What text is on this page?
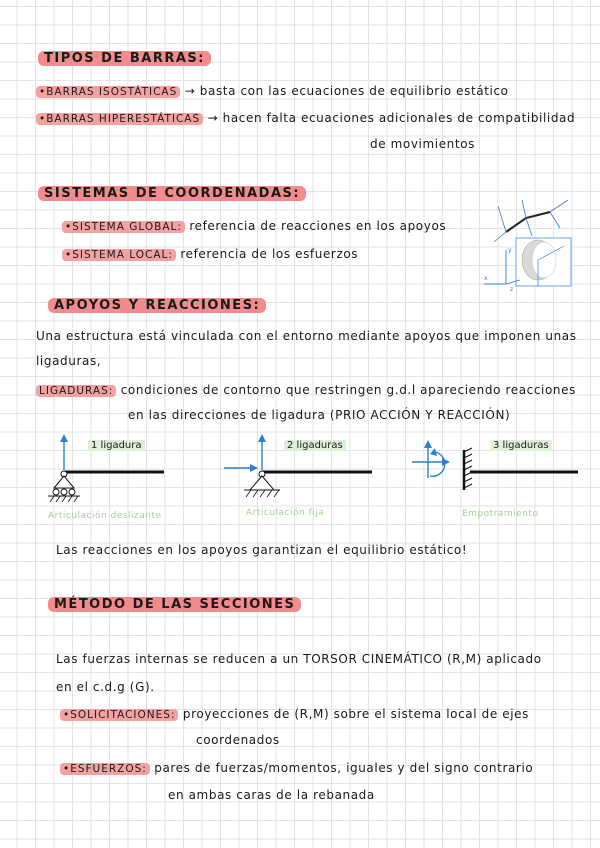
TIPOS DE BARRAS:
•BARRAS ISOSTÁTICAS → basta con las ecuaciones de equilibrio estático
•BARRAS HIPERESTÁTICAS → hacen falta ecuaciones adicionales de compatibilidad
de movimientos
SISTEMAS DE COORDENADAS:
•SISTEMA GLOBAL: referencia de reacciones en los apoyos
•SISTEMA LOCAL: referencia de los esfuerzos
x
y
z
APOYOS Y REACCIONES:
Una estructura está vinculada con el entorno mediante apoyos que imponen unas
ligaduras,
LIGADURAS: condiciones de contorno que restringen g.d.l apareciendo reacciones
en las direcciones de ligadura (PRIO ACCIÓN Y REACCIÓN)
1 ligadura
Articulación deslizante
2 ligaduras
Articulación fija
3 ligaduras
Empotramiento
Las reacciones en los apoyos garantizan el equilibrio estático!
MÉTODO DE LAS SECCIONES
Las fuerzas internas se reducen a un TORSOR CINEMÁTICO (R,M) aplicado
en el c.d.g (G).
•SOLICITACIONES: proyecciones de (R,M) sobre el sistema local de ejes
coordenados
•ESFUERZOS: pares de fuerzas/momentos, iguales y del signo contrario
en ambas caras de la rebanada
